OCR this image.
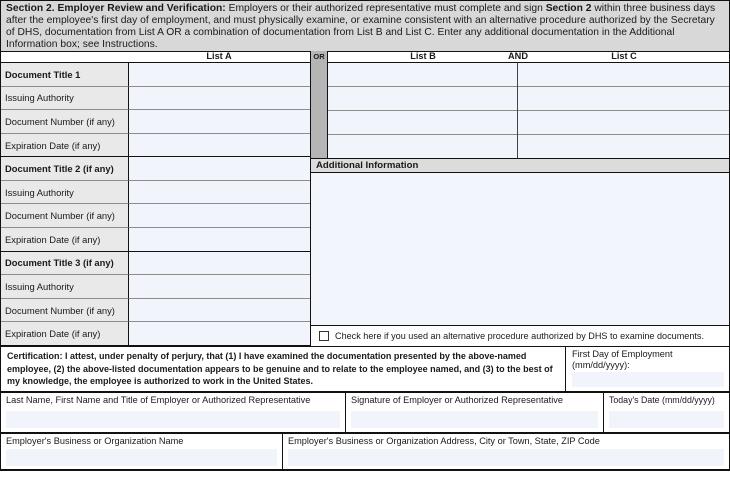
Section 2. Employer Review and Verification: Employers or their authorized representative must complete and sign Section 2 within three business days after the employee's first day of employment, and must physically examine, or examine consistent with an alternative procedure authorized by the Secretary of DHS, documentation from List A OR a combination of documentation from List B and List C. Enter any additional documentation in the Additional Information box; see Instructions.
List A	List B	AND	List C
OR
Document Title 1
Issuing Authority
Document Number (if any)
Expiration Date (if any)
Document Title 2 (if any)
Issuing Authority
Document Number (if any)
Expiration Date (if any)
Document Title 3 (if any)
Issuing Authority
Document Number (if any)
Expiration Date (if any)
Additional Information
Check here if you used an alternative procedure authorized by DHS to examine documents.
Certification: I attest, under penalty of perjury, that (1) I have examined the documentation presented by the above-named employee, (2) the above-listed documentation appears to be genuine and to relate to the employee named, and (3) to the best of my knowledge, the employee is authorized to work in the United States.
First Day of Employment (mm/dd/yyyy):
Last Name, First Name and Title of Employer or Authorized Representative	Signature of Employer or Authorized Representative	Today's Date (mm/dd/yyyy)
Employer's Business or Organization Name	Employer's Business or Organization Address, City or Town, State, ZIP Code
